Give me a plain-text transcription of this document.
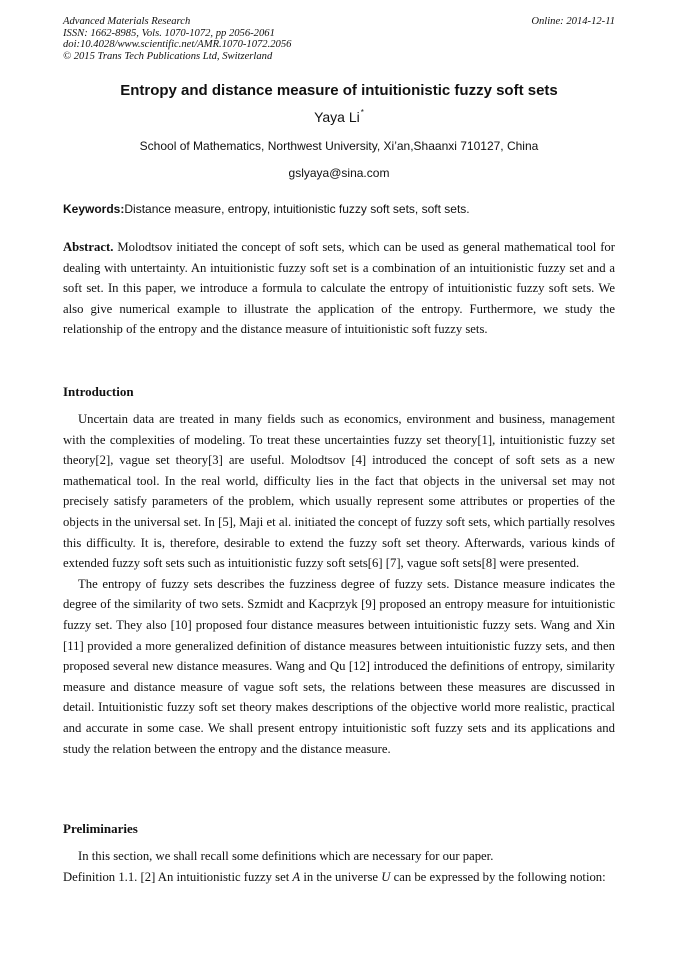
Advanced Materials Research
ISSN: 1662-8985, Vols. 1070-1072, pp 2056-2061
doi:10.4028/www.scientific.net/AMR.1070-1072.2056
© 2015 Trans Tech Publications Ltd, Switzerland
Online: 2014-12-11
Entropy and distance measure of intuitionistic fuzzy soft sets
Yaya Li*
School of Mathematics, Northwest University, Xi’an,Shaanxi 710127, China
gslyaya@sina.com
Keywords:Distance measure, entropy, intuitionistic fuzzy soft sets, soft sets.

Abstract. Molodtsov initiated the concept of soft sets, which can be used as general mathematical tool for dealing with untertainty. An intuitionistic fuzzy soft set is a combination of an intuitionistic fuzzy set and a soft set. In this paper, we introduce a formula to calculate the entropy of intuitionistic fuzzy soft sets. We also give numerical example to illustrate the application of the entropy. Furthermore, we study the relationship of the entropy and the distance measure of intuitionistic soft fuzzy sets.

Introduction

Uncertain data are treated in many fields such as economics, environment and business, management with the complexities of modeling. To treat these uncertainties fuzzy set theory[1], intuitionistic fuzzy set theory[2], vague set theory[3] are useful. Molodtsov [4] introduced the concept of soft sets as a new mathematical tool. In the real world, difficulty lies in the fact that objects in the universal set may not precisely satisfy parameters of the problem, which usually represent some attributes or properties of the objects in the universal set. In [5], Maji et al. initiated the concept of fuzzy soft sets, which partially resolves this difficulty. It is, therefore, desirable to extend the fuzzy soft set theory. Afterwards, various kinds of extended fuzzy soft sets such as intuitionistic fuzzy soft sets[6] [7], vague soft sets[8] were presented.

The entropy of fuzzy sets describes the fuzziness degree of fuzzy sets. Distance measure indicates the degree of the similarity of two sets. Szmidt and Kacprzyk [9] proposed an entropy measure for intuitionistic fuzzy set. They also [10] proposed four distance measures between intuitionistic fuzzy sets. Wang and Xin [11] provided a more generalized definition of distance measures between intuitionistic fuzzy sets, and then proposed several new distance measures. Wang and Qu [12] introduced the definitions of entropy, similarity measure and distance measure of vague soft sets, the relations between these measures are discussed in detail. Intuitionistic fuzzy soft set theory makes descriptions of the objective world more realistic, practical and accurate in some case. We shall present entropy intuitionistic soft fuzzy sets and its applications and study the relation between the entropy and the distance measure.

Preliminaries

In this section, we shall recall some definitions which are necessary for our paper.

Definition 1.1. [2] An intuitionistic fuzzy set A in the universe U can be expressed by the following notion:
